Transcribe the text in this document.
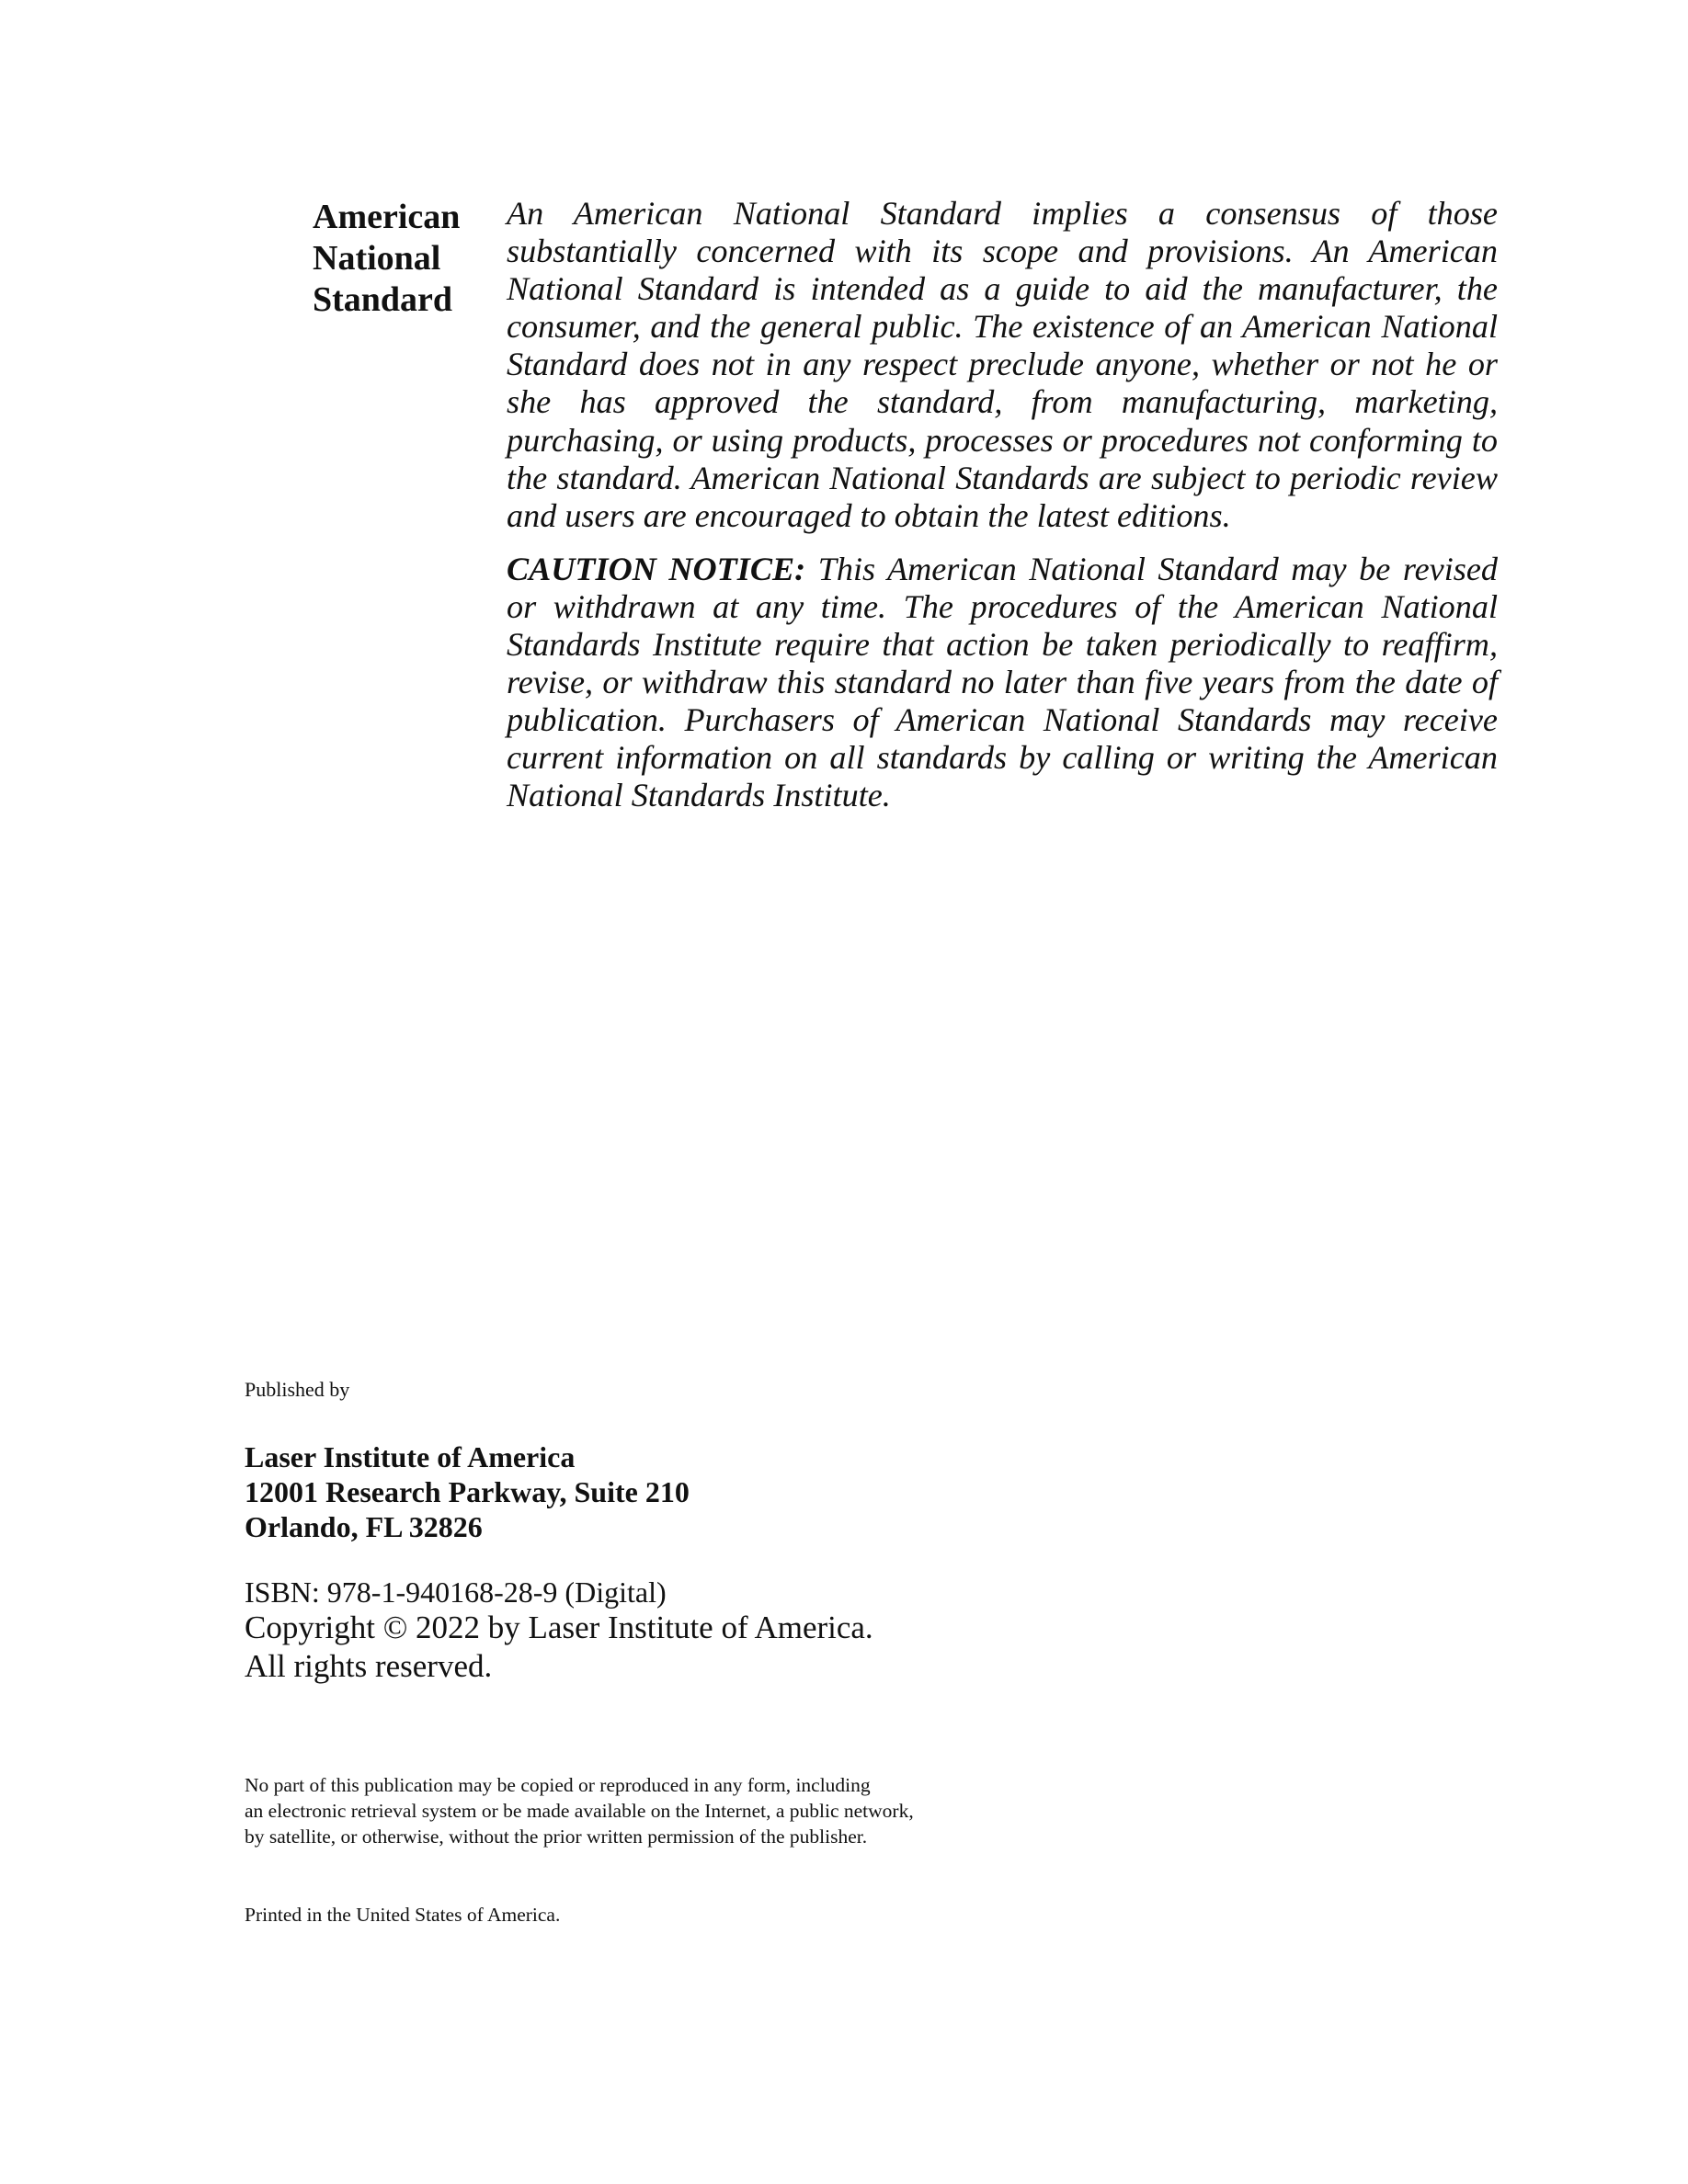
American
National
Standard

An American National Standard implies a consensus of those substantially concerned with its scope and provisions. An American National Standard is intended as a guide to aid the manufacturer, the consumer, and the general public. The existence of an American National Standard does not in any respect preclude anyone, whether or not he or she has approved the standard, from manufacturing, marketing, purchasing, or using products, processes or procedures not conforming to the standard. American National Standards are subject to periodic review and users are encouraged to obtain the latest editions.

CAUTION NOTICE: This American National Standard may be revised or withdrawn at any time. The procedures of the American National Standards Institute require that action be taken periodically to reaffirm, revise, or withdraw this standard no later than five years from the date of publication. Purchasers of American National Standards may receive current information on all standards by calling or writing the American National Standards Institute.

Published by
Laser Institute of America
12001 Research Parkway, Suite 210
Orlando, FL 32826
ISBN: 978-1-940168-28-9 (Digital)
Copyright © 2022 by Laser Institute of America.
All rights reserved.
No part of this publication may be copied or reproduced in any form, including
an electronic retrieval system or be made available on the Internet, a public network,
by satellite, or otherwise, without the prior written permission of the publisher.
Printed in the United States of America.
